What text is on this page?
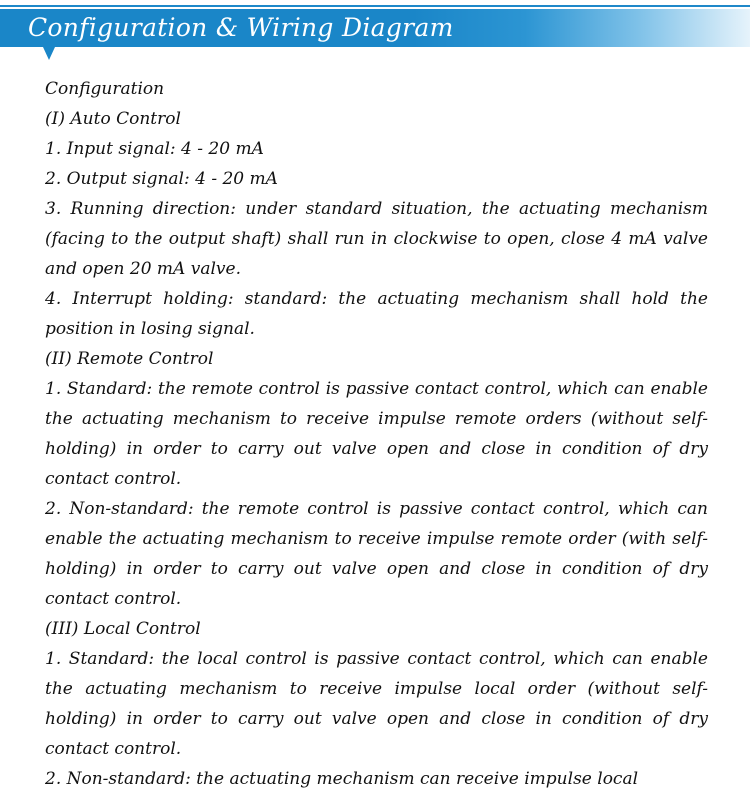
Configuration & Wiring Diagram

Configuration

(I) Auto Control

1. Input signal: 4 - 20 mA

2. Output signal: 4 - 20 mA

3. Running direction: under standard situation, the actuating mechanism (facing to the output shaft) shall run in clockwise to open, close 4 mA valve and open 20 mA valve.

4. Interrupt holding: standard: the actuating mechanism shall hold the position in losing signal.

(II) Remote Control

1. Standard: the remote control is passive contact control, which can enable the actuating mechanism to receive impulse remote orders (without self-holding) in order to carry out valve open and close in condition of dry contact control.

2. Non-standard: the remote control is passive contact control, which can enable the actuating mechanism to receive impulse remote order (with self-holding) in order to carry out valve open and close in condition of dry contact control.

(III) Local Control

1. Standard: the local control is passive contact control, which can enable the actuating mechanism to receive impulse local order (without self-holding) in order to carry out valve open and close in condition of dry contact control.

2. Non-standard: the actuating mechanism can receive impulse local
